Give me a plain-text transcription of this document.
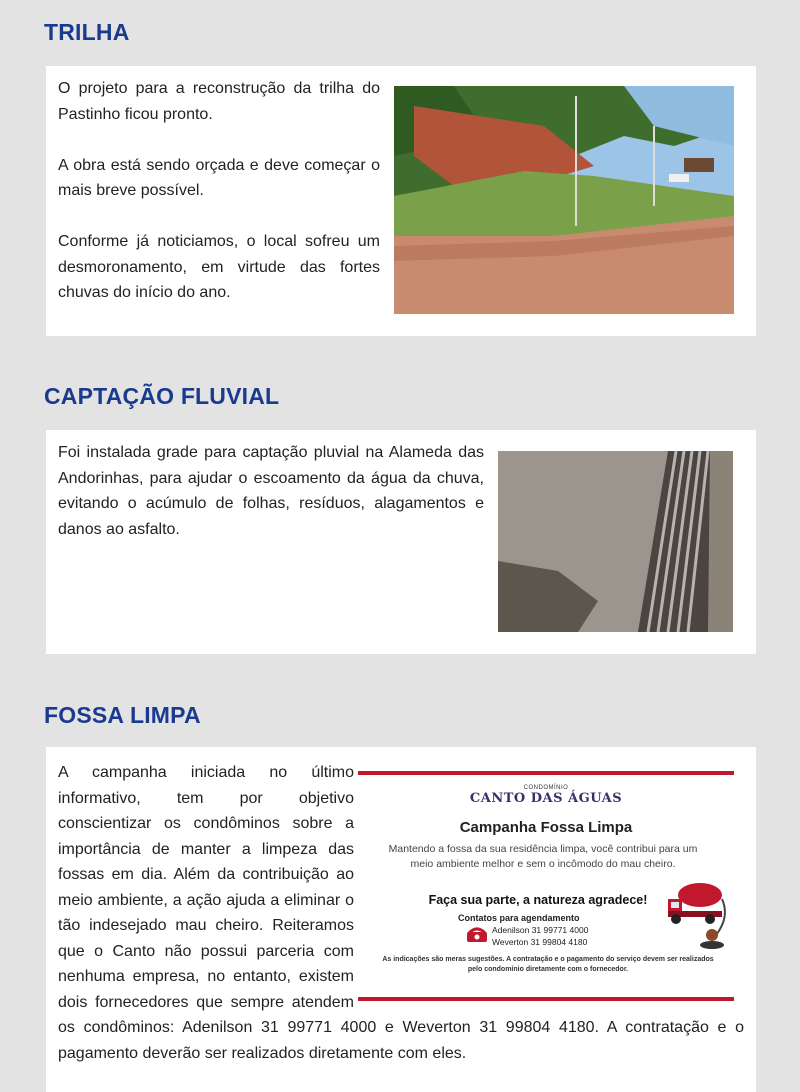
TRILHA

O projeto para a reconstrução da trilha do Pastinho ficou pronto.

A obra está sendo orçada e deve começar o mais breve possível.

Conforme já noticiamos, o local sofreu um desmoronamento, em virtude das fortes chuvas do início do ano.

CAPTAÇÃO FLUVIAL

Foi instalada grade para captação pluvial na Alameda das Andorinhas, para ajudar o escoamento da água da chuva, evitando o acúmulo de folhas, resíduos, alagamentos e danos ao asfalto.

FOSSA LIMPA
CONDOMÍNIO
CANTO DAS ÁGUAS
Campanha Fossa Limpa
Mantendo a fossa da sua residência limpa, você contribui para um meio ambiente melhor e sem o incômodo do mau cheiro.
Faça sua parte, a natureza agradece!
Contatos para agendamento
Adenilson 31 99771 4000
Weverton 31 99804 4180
As indicações são meras sugestões. A contratação e o pagamento do serviço devem ser realizados pelo condomínio diretamente com o fornecedor.
A campanha iniciada no último informativo, tem por objetivo conscientizar os condôminos sobre a importância de manter a limpeza das fossas em dia. Além da contribuição ao meio ambiente, a ação ajuda a eliminar o tão indesejado mau cheiro. Reiteramos que o Canto não possui parceria com nenhuma empresa, no entanto, existem dois fornecedores que sempre atendem os condôminos: Adenilson 31 99771 4000 e Weverton 31 99804 4180. A contratação e o pagamento deverão ser realizados diretamente com eles.
